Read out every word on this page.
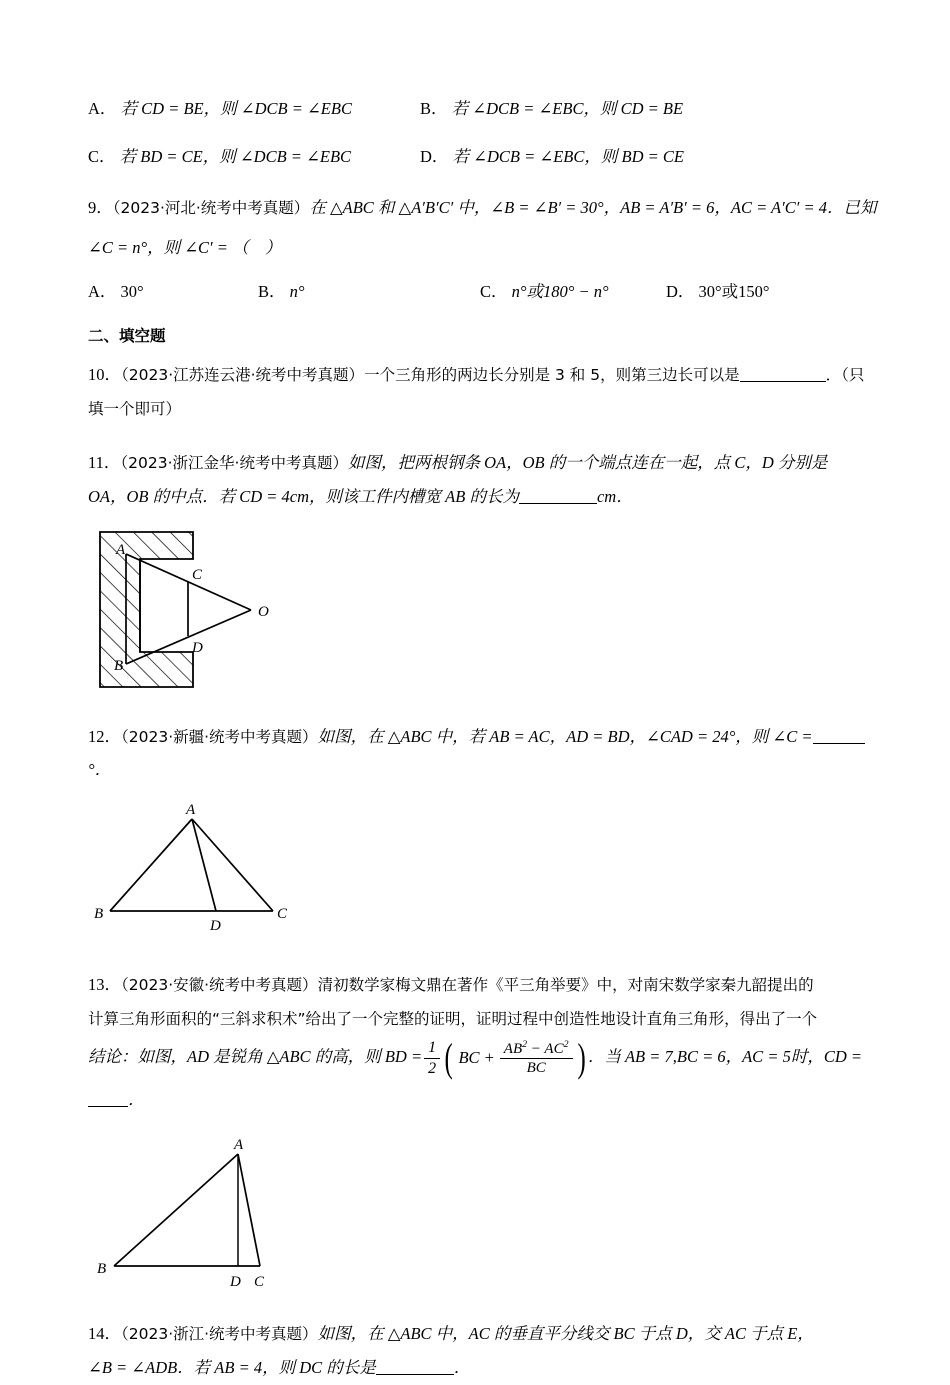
A． 若 CD = BE，则 ∠DCB = ∠EBC	B． 若 ∠DCB = ∠EBC，则 CD = BE
C． 若 BD = CE，则 ∠DCB = ∠EBC	D． 若 ∠DCB = ∠EBC，则 BD = CE
9．（2023·河北·统考中考真题）在 △ABC 和 △A′B′C′ 中，∠B = ∠B′ = 30°，AB = A′B′ = 6，AC = A′C′ = 4．已知
∠C = n°，则 ∠C′ = （　）
A． 30°	B． n°	C． n°或180° − n°	D． 30°或150°
二、填空题
10．（2023·江苏连云港·统考中考真题）一个三角形的两边长分别是 3 和 5，则第三边长可以是	．（只
填一个即可）
11．（2023·浙江金华·统考中考真题）如图，把两根钢条 OA，OB 的一个端点连在一起，点 C，D 分别是
OA，OB 的中点．若 CD = 4cm，则该工件内槽宽 AB 的长为	cm．
A
C
O
D
B
12．（2023·新疆·统考中考真题）如图，在 △ABC 中，若 AB = AC，AD = BD，∠CAD = 24°，则 ∠C =°．
A
B
D
C
13．（2023·安徽·统考中考真题）清初数学家梅文鼎在著作《平三角举要》中，对南宋数学家秦九韶提出的
计算三角形面积的“三斜求积术”给出了一个完整的证明，证明过程中创造性地设计直角三角形，得出了一个
结论：如图，AD 是锐角 △ABC 的高，则 BD = $\frac{1}{2}$ ( BC + $\frac{AB^2 - AC^2}{BC}$ ) ．当 AB = 7,BC = 6，AC = 5时，CD =．
A
B
D C
14．（2023·浙江·统考中考真题）如图，在 △ABC 中，AC 的垂直平分线交 BC 于点 D，交 AC 于点 E，
∠B = ∠ADB．若 AB = 4，则 DC 的长是	．
